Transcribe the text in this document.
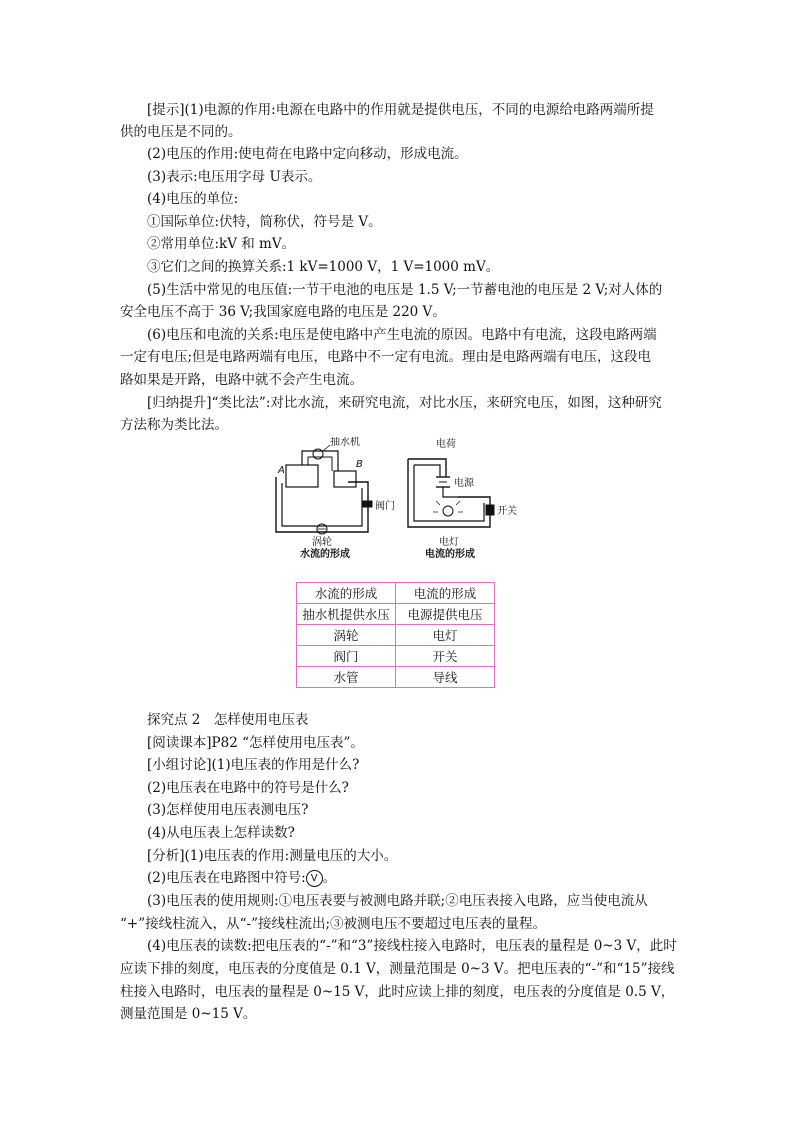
[提示](1)电源的作用:电源在电路中的作用就是提供电压，不同的电源给电路两端所提
供的电压是不同的。
(2)电压的作用:使电荷在电路中定向移动，形成电流。
(3)表示:电压用字母 U表示。
(4)电压的单位:
①国际单位:伏特，简称伏，符号是 V。
②常用单位:kV 和 mV。
③它们之间的换算关系:1 kV=1000 V，1 V=1000 mV。
(5)生活中常见的电压值:一节干电池的电压是 1.5 V;一节蓄电池的电压是 2 V;对人体的
安全电压不高于 36 V;我国家庭电路的电压是 220 V。
(6)电压和电流的关系:电压是使电路中产生电流的原因。电路中有电流，这段电路两端
一定有电压;但是电路两端有电压，电路中不一定有电流。理由是电路两端有电压，这段电
路如果是开路，电路中就不会产生电流。
[归纳提升]“类比法”:对比水流，来研究电流，对比水压，来研究电压，如图，这种研究
方法称为类比法。
抽水机
A
B
阀门
涡轮
水流的形成
电荷
电源
开关
电灯
电流的形成
水流的形成	电流的形成
抽水机提供水压	电源提供电压
涡轮	电灯
阀门	开关
水管	导线
探究点 2　怎样使用电压表
[阅读课本]P82 “怎样使用电压表”。
[小组讨论](1)电压表的作用是什么?
(2)电压表在电路中的符号是什么?
(3)怎样使用电压表测电压?
(4)从电压表上怎样读数?
[分析](1)电压表的作用:测量电压的大小。
(2)电压表在电路图中符号: V 。
(3)电压表的使用规则:①电压表要与被测电路并联;②电压表接入电路，应当使电流从
“+”接线柱流入，从“-”接线柱流出;③被测电压不要超过电压表的量程。
(4)电压表的读数:把电压表的“-”和“3”接线柱接入电路时，电压表的量程是 0~3 V，此时
应读下排的刻度，电压表的分度值是 0.1 V，测量范围是 0~3 V。把电压表的“-”和“15”接线
柱接入电路时，电压表的量程是 0~15 V，此时应读上排的刻度，电压表的分度值是 0.5 V，
测量范围是 0~15 V。
